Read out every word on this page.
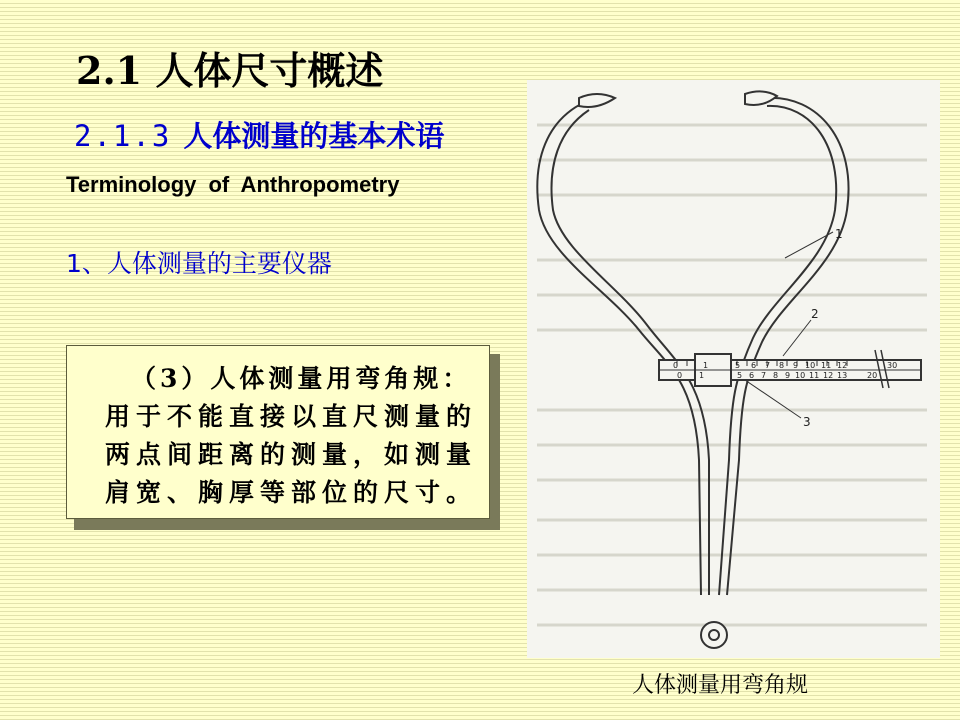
2.1 人体尺寸概述
2.1.3 人体测量的基本术语
Terminology of Anthropometry
1、人体测量的主要仪器
（3）人体测量用弯角规：
用于不能直接以直尺测量的
两点间距离的测量，如测量
肩宽、胸厚等部位的尺寸。
0	1	5 6 7 8 9 10 11 12	30
0 1	5 6 7 8 9 10 11 12 13 20
1
2
3
人体测量用弯角规
